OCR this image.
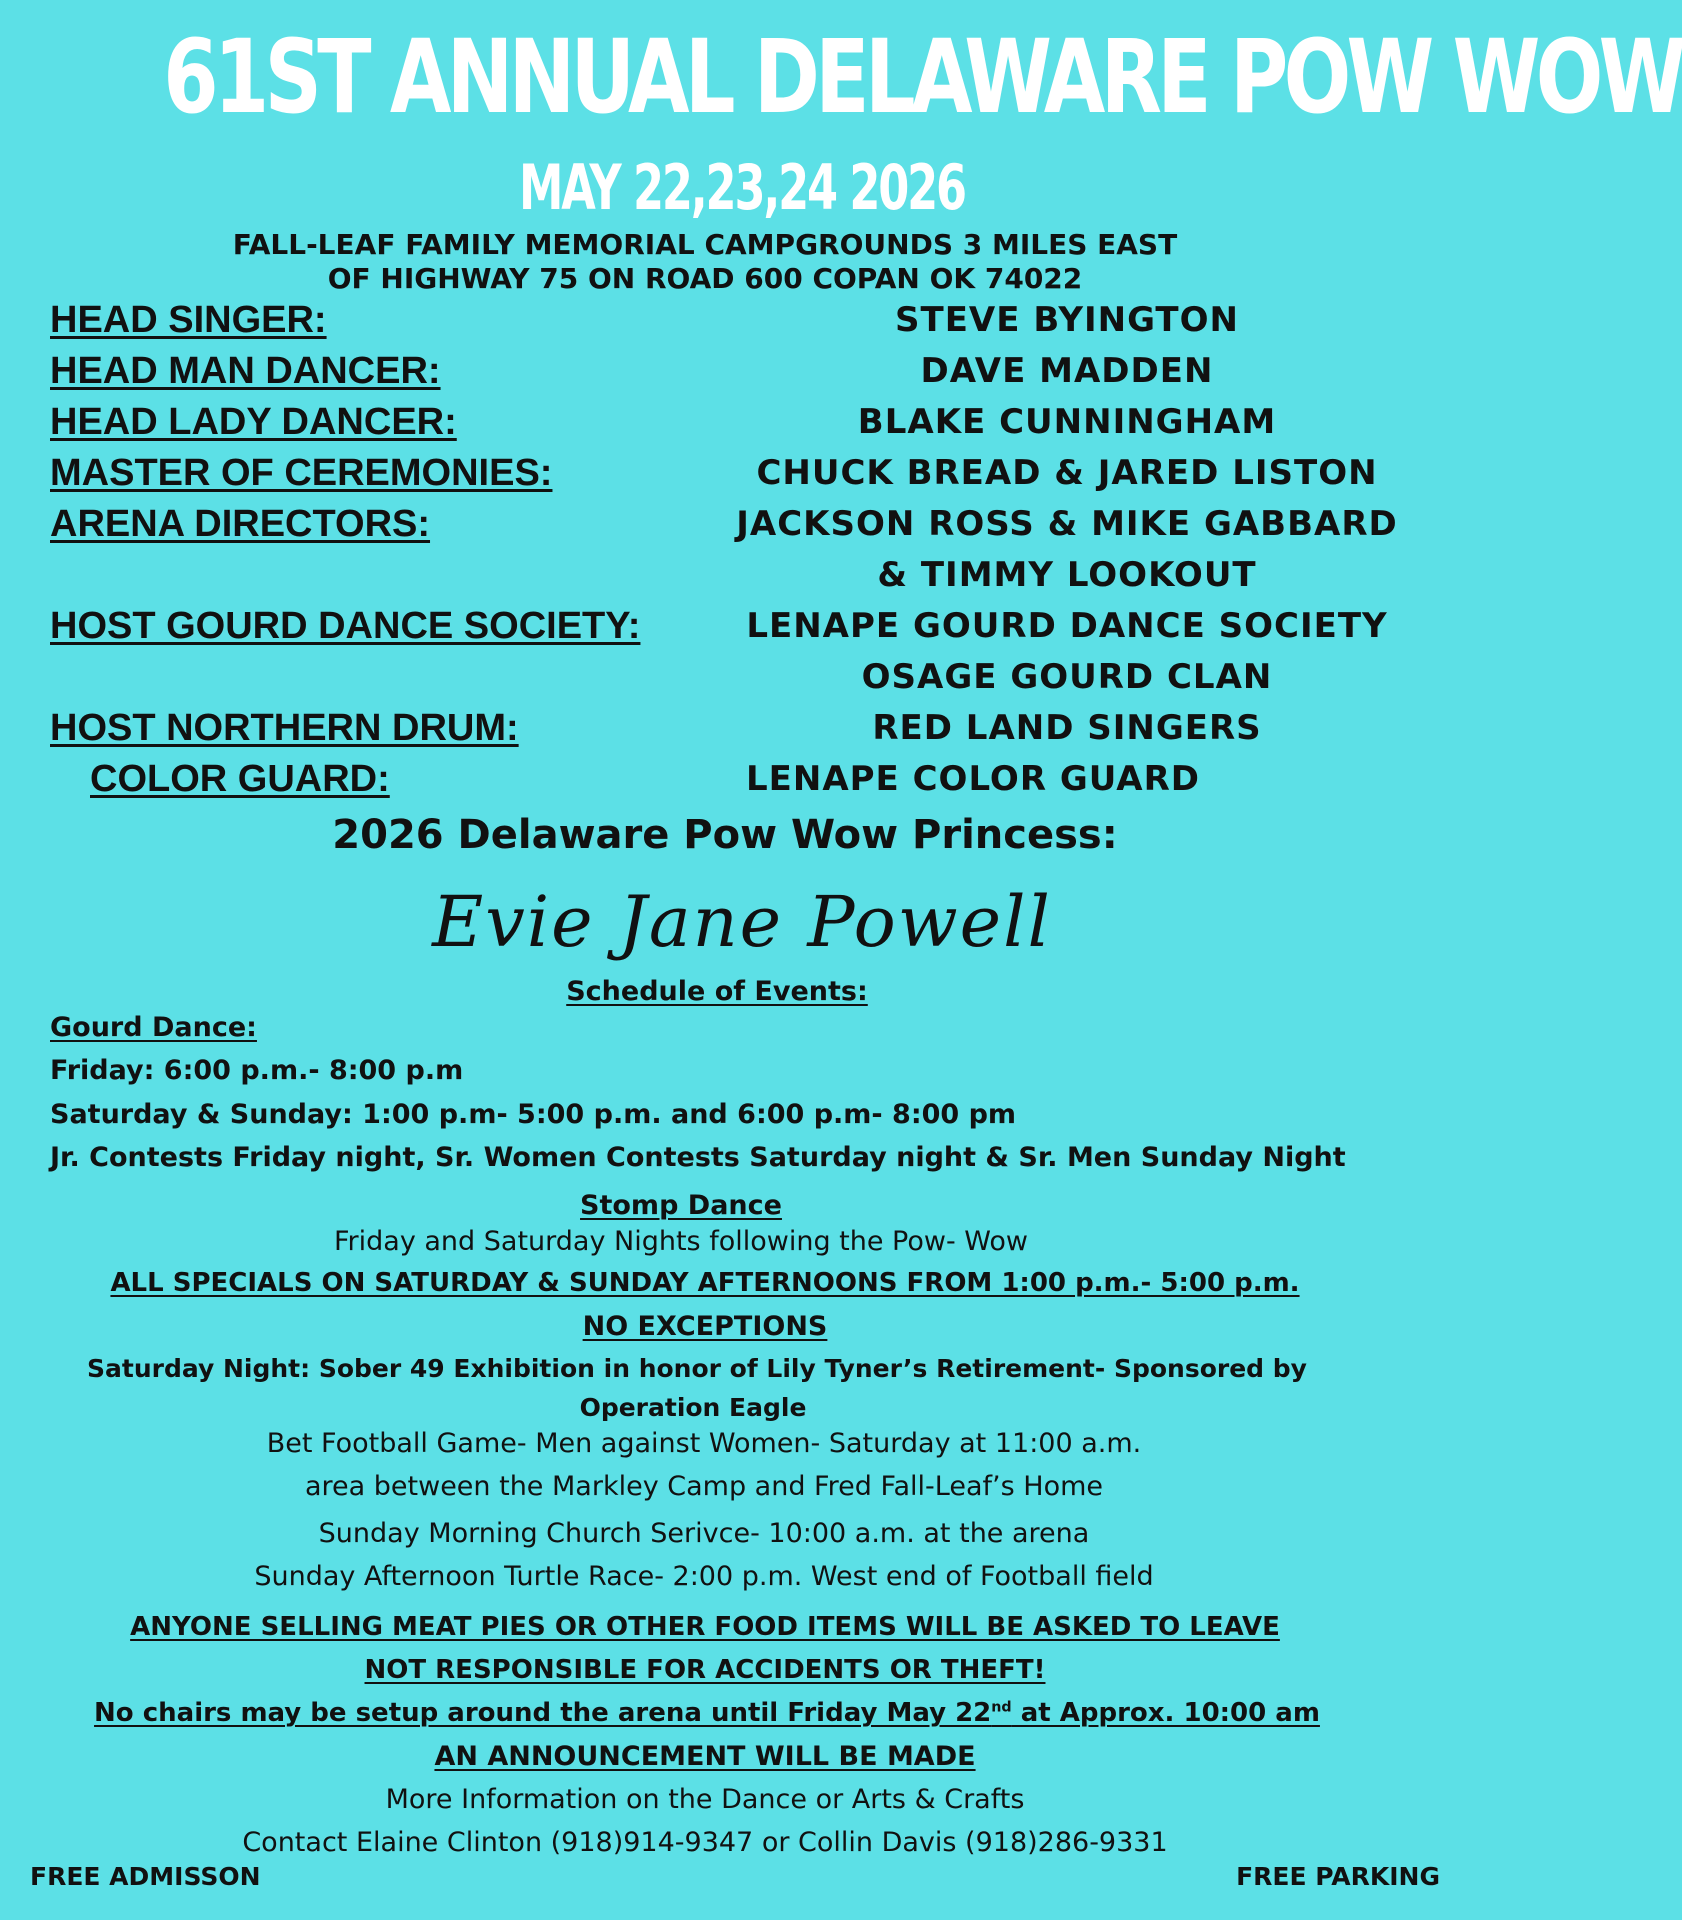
61ST ANNUAL DELAWARE POW WOW
MAY 22,23,24 2026
FALL-LEAF FAMILY MEMORIAL CAMPGROUNDS 3 MILES EAST
OF HIGHWAY 75 ON ROAD 600 COPAN OK 74022
HEAD SINGER:	STEVE BYINGTON
HEAD MAN DANCER:	DAVE MADDEN
HEAD LADY DANCER:	BLAKE CUNNINGHAM
MASTER OF CEREMONIES:	CHUCK BREAD & JARED LISTON
ARENA DIRECTORS:	JACKSON ROSS & MIKE GABBARD
& TIMMY LOOKOUT
HOST GOURD DANCE SOCIETY:	LENAPE GOURD DANCE SOCIETY
OSAGE GOURD CLAN
HOST NORTHERN DRUM:	RED LAND SINGERS
COLOR GUARD:	LENAPE COLOR GUARD
2026 Delaware Pow Wow Princess:
Evie Jane Powell
Schedule of Events:
Gourd Dance:
Friday: 6:00 p.m.- 8:00 p.m
Saturday & Sunday: 1:00 p.m- 5:00 p.m. and 6:00 p.m- 8:00 pm
Jr. Contests Friday night, Sr. Women Contests Saturday night & Sr. Men Sunday Night
Stomp Dance
Friday and Saturday Nights following the Pow- Wow
ALL SPECIALS ON SATURDAY & SUNDAY AFTERNOONS FROM 1:00 p.m.- 5:00 p.m.
NO EXCEPTIONS
Saturday Night: Sober 49 Exhibition in honor of Lily Tyner’s Retirement- Sponsored by
Operation Eagle
Bet Football Game- Men against Women- Saturday at 11:00 a.m.
area between the Markley Camp and Fred Fall-Leaf’s Home
Sunday Morning Church Serivce- 10:00 a.m. at the arena
Sunday Afternoon Turtle Race- 2:00 p.m. West end of Football field
ANYONE SELLING MEAT PIES OR OTHER FOOD ITEMS WILL BE ASKED TO LEAVE
NOT RESPONSIBLE FOR ACCIDENTS OR THEFT!
No chairs may be setup around the arena until Friday May 22nd at Approx. 10:00 am
AN ANNOUNCEMENT WILL BE MADE
More Information on the Dance or Arts & Crafts
Contact Elaine Clinton (918)914-9347 or Collin Davis (918)286-9331
FREE ADMISSON	FREE PARKING
